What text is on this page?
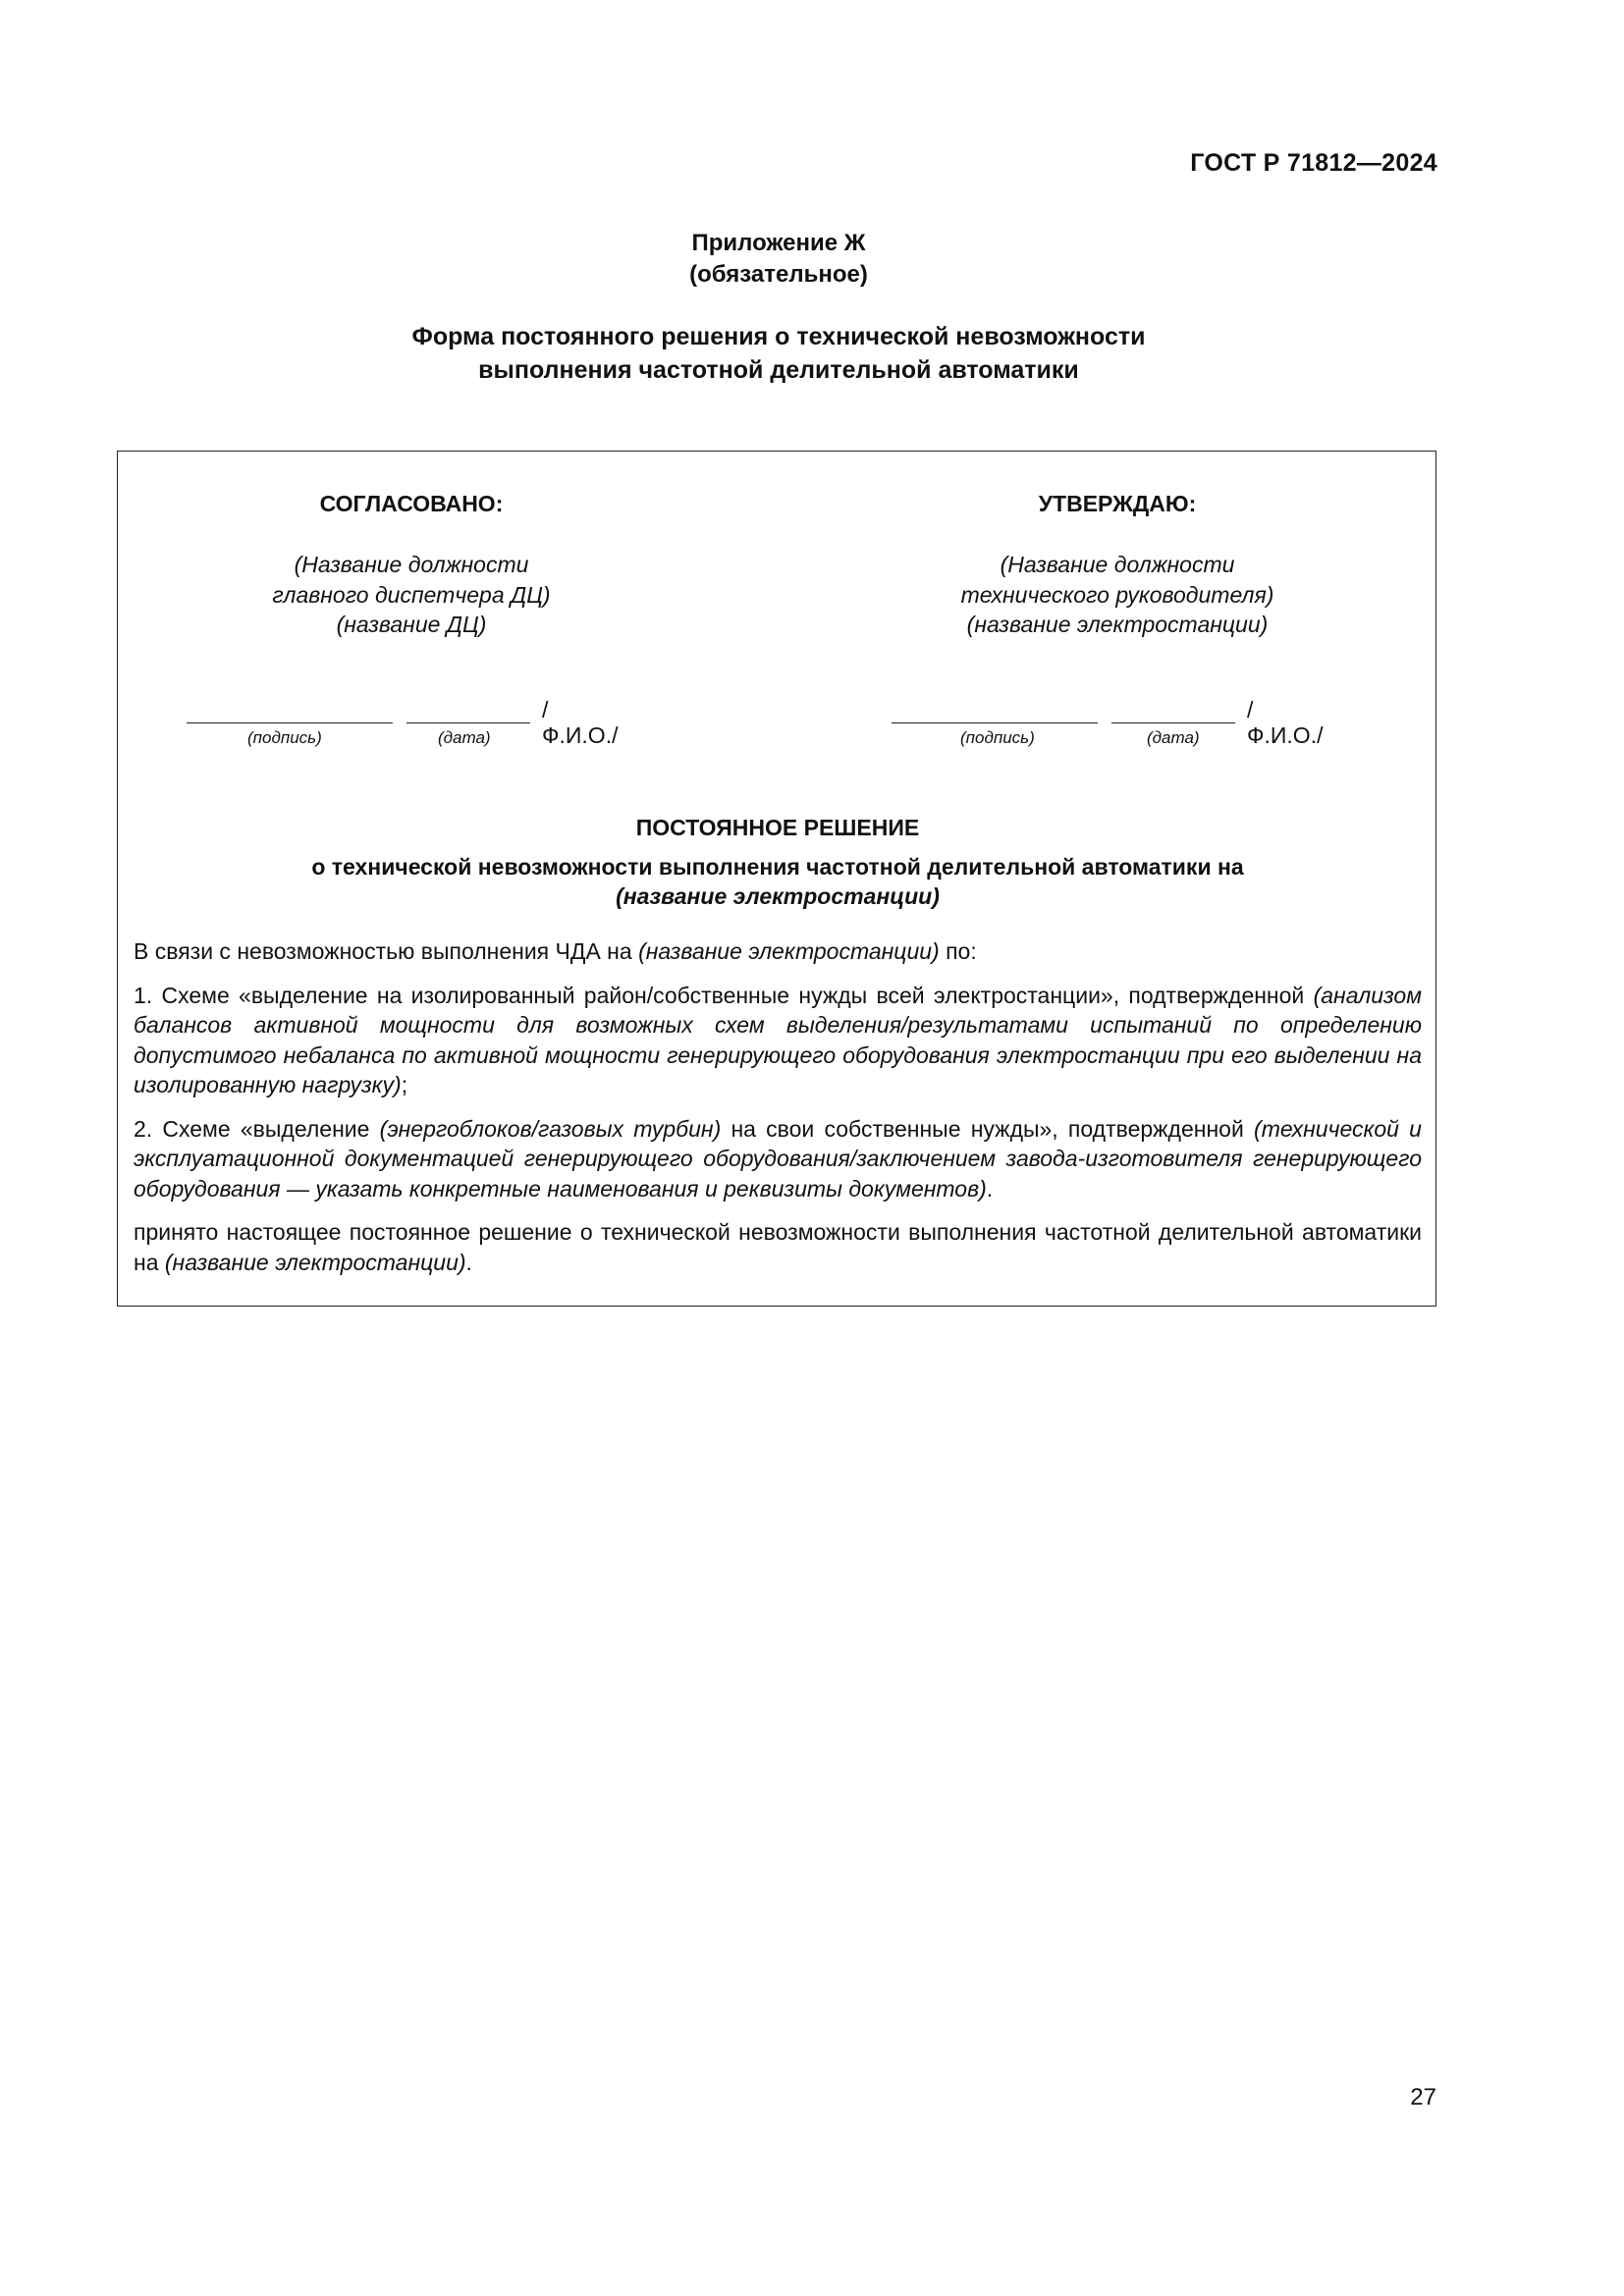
ГОСТ Р 71812—2024
Приложение Ж
(обязательное)
Форма постоянного решения о технической невозможности
выполнения частотной делительной автоматики
СОГЛАСОВАНО:
(Название должности
главного диспетчера ДЦ)
(название ДЦ)
/Ф.И.О./
(подпись)	(дата)
УТВЕРЖДАЮ:
(Название должности
технического руководителя)
(название электростанции)
/Ф.И.О./
(подпись)	(дата)
ПОСТОЯННОЕ РЕШЕНИЕ
о технической невозможности выполнения частотной делительной автоматики на
(название электростанции)

В связи с невозможностью выполнения ЧДА на (название электростанции) по:

1. Схеме «выделение на изолированный район/собственные нужды всей электростанции», подтвержденной (анализом балансов активной мощности для возможных схем выделения/результатами испытаний по определению допустимого небаланса по активной мощности генерирующего оборудования электростанции при его выделении на изолированную нагрузку);

2. Схеме «выделение (энергоблоков/газовых турбин) на свои собственные нужды», подтвержденной (технической и эксплуатационной документацией генерирующего оборудования/заключением завода-изготовителя генерирующего оборудования — указать конкретные наименования и реквизиты документов).

принято настоящее постоянное решение о технической невозможности выполнения частотной делительной автоматики на (название электростанции).

27
